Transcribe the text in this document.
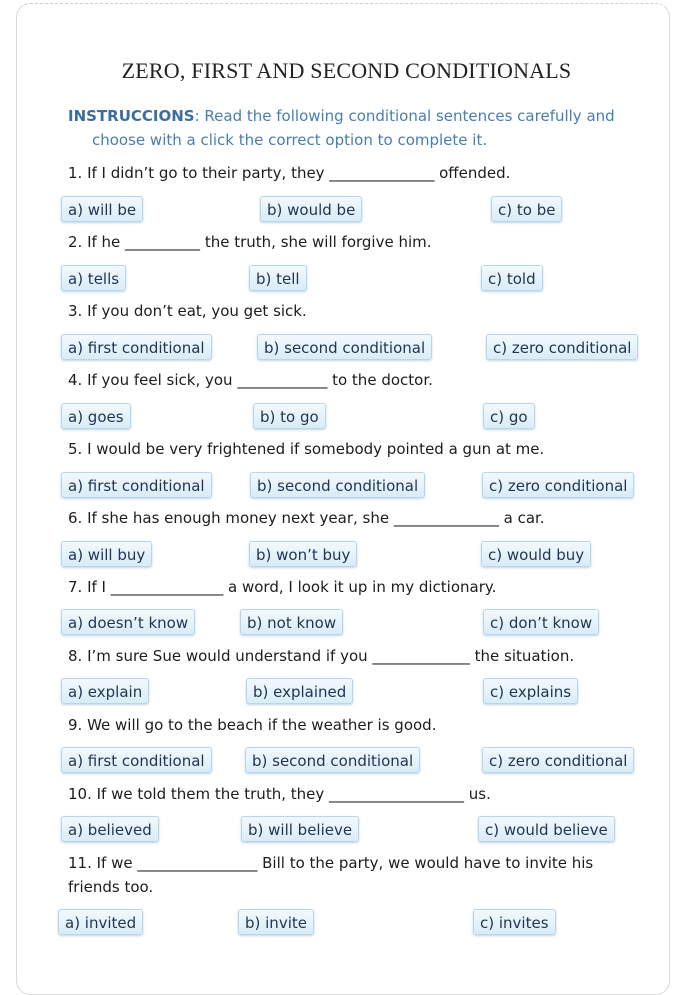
ZERO, FIRST AND SECOND CONDITIONALS
INSTRUCCIONS: Read the following conditional sentences carefully and
choose with a click the correct option to complete it.
1. If I didn’t go to their party, they ______________ offended.
a) will be	b) would be	c) to be
2. If he __________ the truth, she will forgive him.
a) tells	b) tell	c) told
3. If you don’t eat, you get sick.
a) first conditional	b) second conditional	c) zero conditional
4. If you feel sick, you ____________ to the doctor.
a) goes	b) to go	c) go
5. I would be very frightened if somebody pointed a gun at me.
a) first conditional	b) second conditional	c) zero conditional
6. If she has enough money next year, she ______________ a car.
a) will buy	b) won’t buy	c) would buy
7. If I _______________ a word, I look it up in my dictionary.
a) doesn’t know	b) not know	c) don’t know
8. I’m sure Sue would understand if you _____________ the situation.
a) explain	b) explained	c) explains
9. We will go to the beach if the weather is good.
a) first conditional	b) second conditional	c) zero conditional
10. If we told them the truth, they __________________ us.
a) believed	b) will believe	c) would believe
11. If we ________________ Bill to the party, we would have to invite his friends too.
a) invited	b) invite	c) invites
